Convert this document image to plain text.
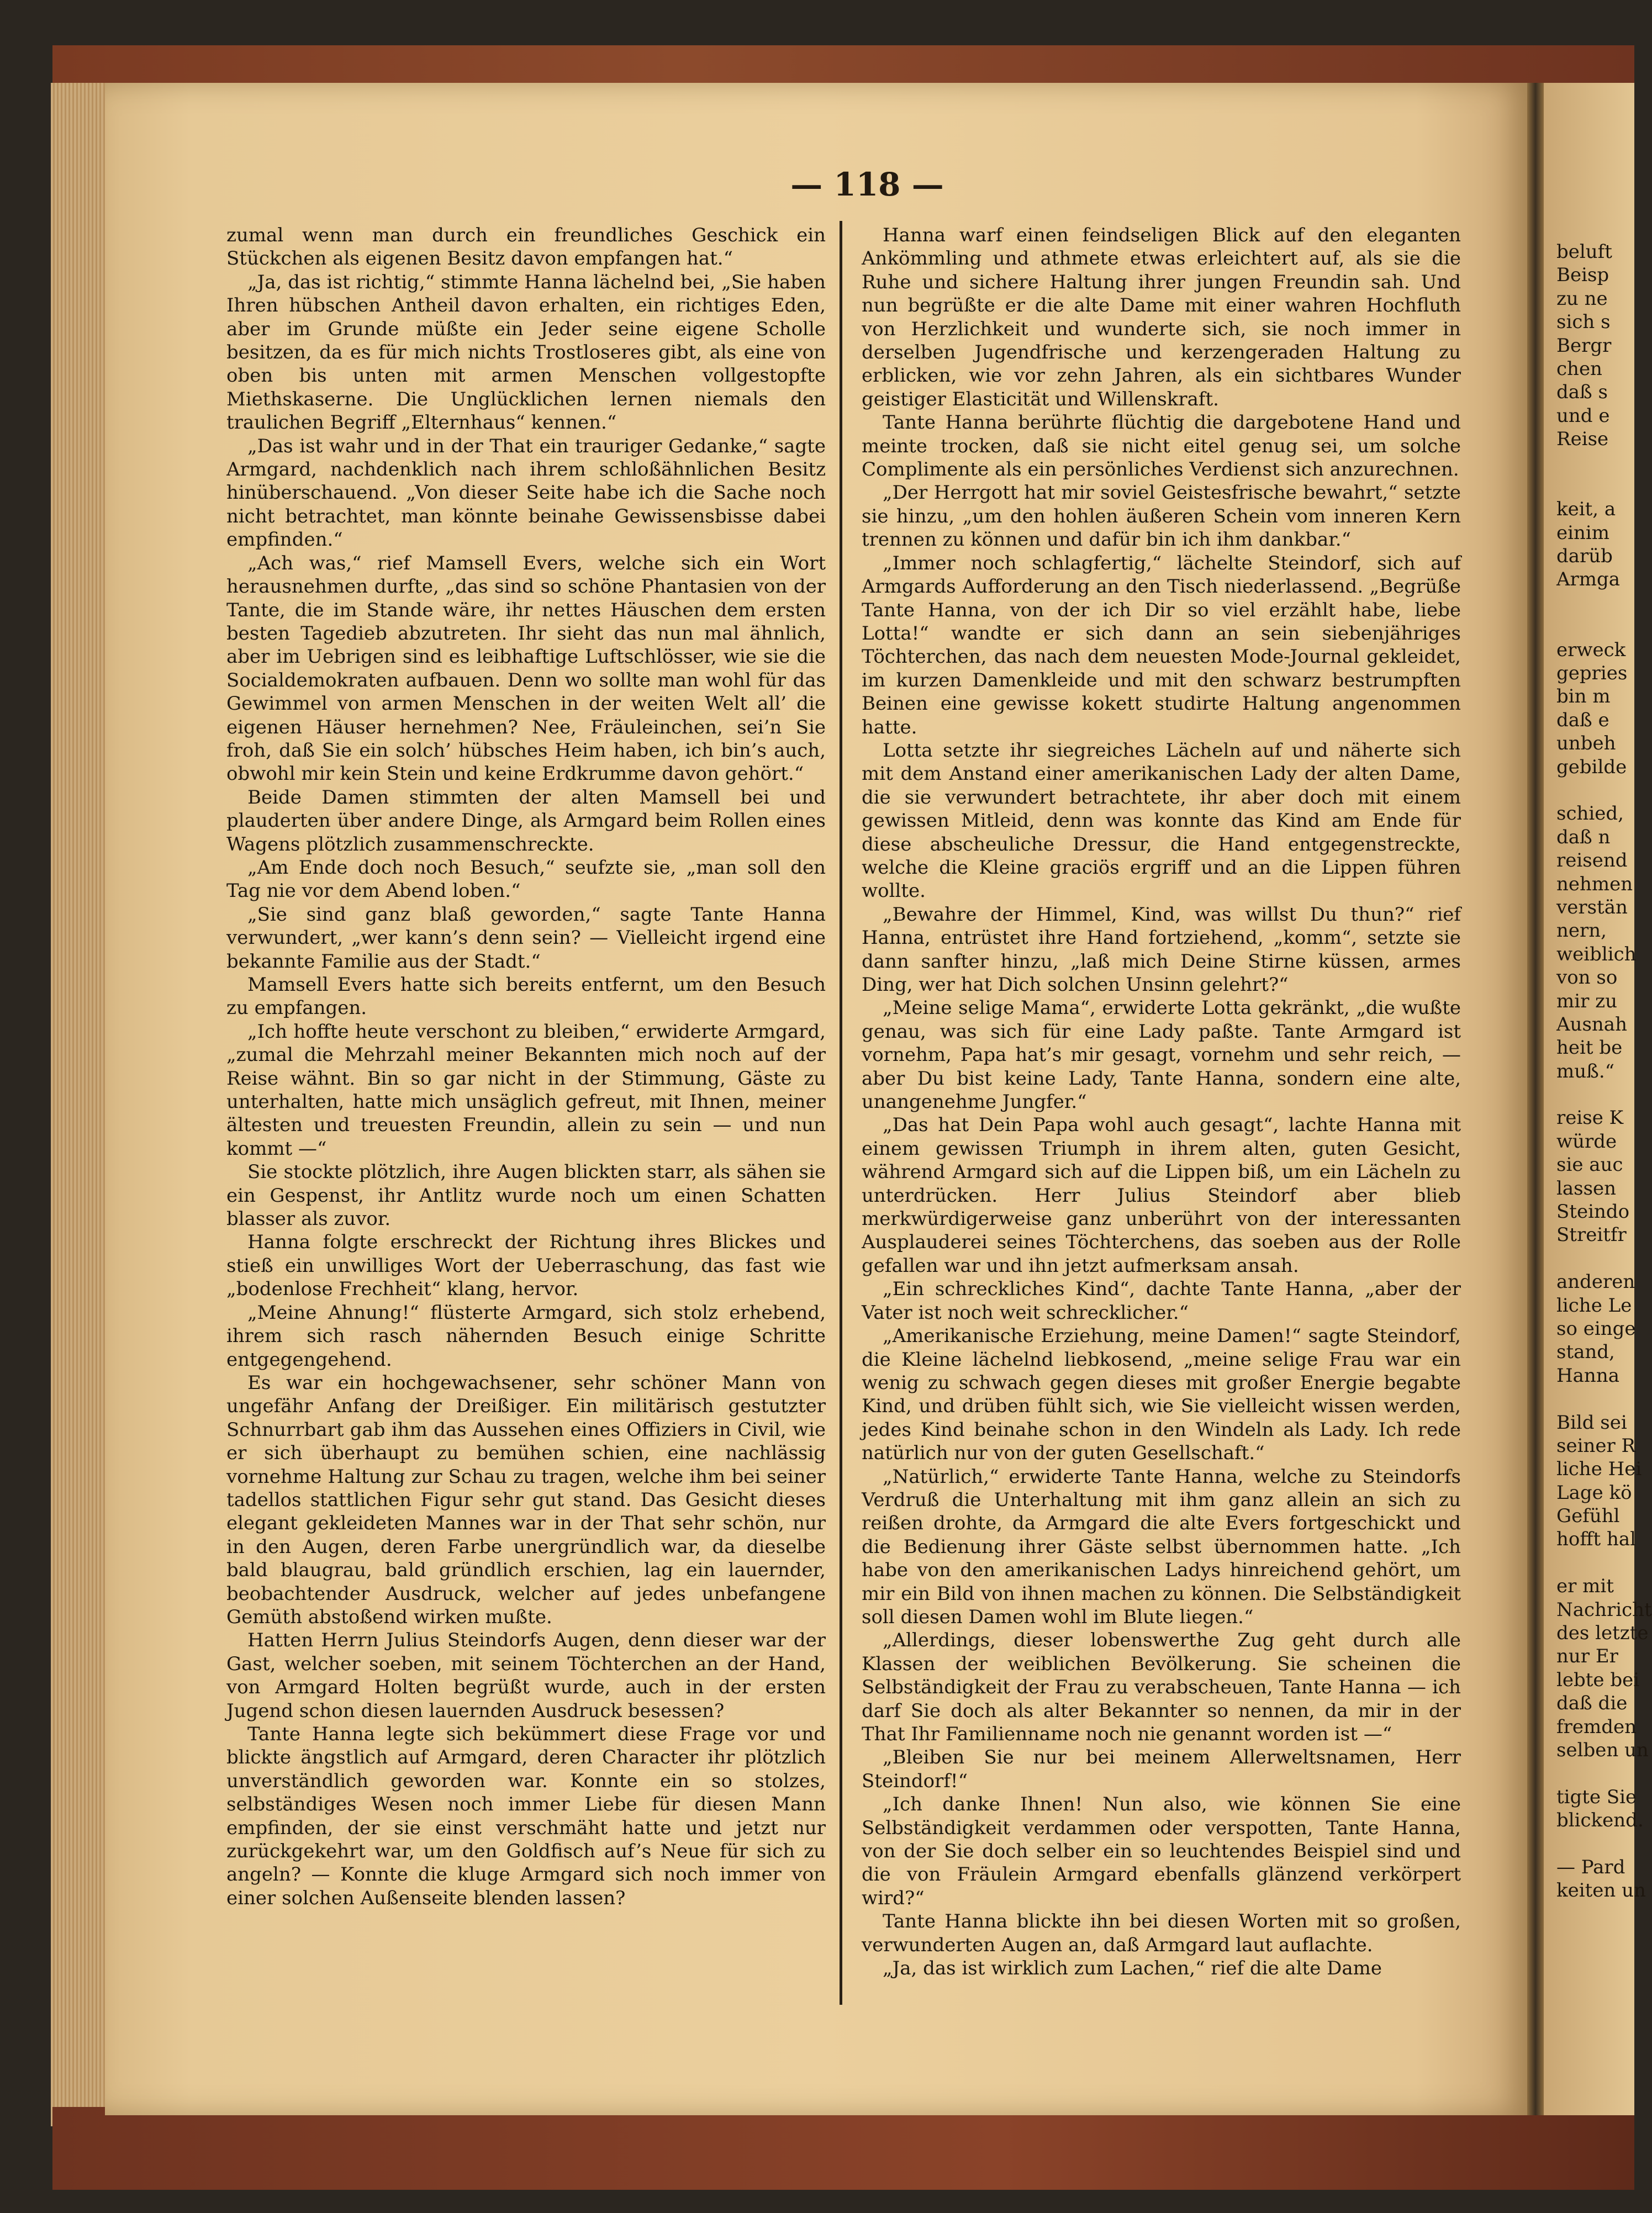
— 118 —

zumal wenn man durch ein freundliches Geschick ein Stückchen als eigenen Besitz davon empfangen hat.“

„Ja, das ist richtig,“ stimmte Hanna lächelnd bei, „Sie haben Ihren hübschen Antheil davon erhalten, ein richtiges Eden, aber im Grunde müßte ein Jeder seine eigene Scholle besitzen, da es für mich nichts Trostloseres gibt, als eine von oben bis unten mit armen Menschen vollgestopfte Miethskaserne. Die Unglücklichen lernen niemals den traulichen Begriff „Elternhaus“ kennen.“

„Das ist wahr und in der That ein trauriger Gedanke,“ sagte Armgard, nachdenklich nach ihrem schloßähnlichen Besitz hinüberschauend. „Von dieser Seite habe ich die Sache noch nicht betrachtet, man könnte beinahe Gewissensbisse dabei empfinden.“

„Ach was,“ rief Mamsell Evers, welche sich ein Wort herausnehmen durfte, „das sind so schöne Phantasien von der Tante, die im Stande wäre, ihr nettes Häuschen dem ersten besten Tagedieb abzutreten. Ihr sieht das nun mal ähnlich, aber im Uebrigen sind es leibhaftige Luftschlösser, wie sie die Socialdemokraten aufbauen. Denn wo sollte man wohl für das Gewimmel von armen Menschen in der weiten Welt all’ die eigenen Häuser hernehmen? Nee, Fräuleinchen, sei’n Sie froh, daß Sie ein solch’ hübsches Heim haben, ich bin’s auch, obwohl mir kein Stein und keine Erdkrumme davon gehört.“

Beide Damen stimmten der alten Mamsell bei und plauderten über andere Dinge, als Armgard beim Rollen eines Wagens plötzlich zusammenschreckte.

„Am Ende doch noch Besuch,“ seufzte sie, „man soll den Tag nie vor dem Abend loben.“

„Sie sind ganz blaß geworden,“ sagte Tante Hanna verwundert, „wer kann’s denn sein? — Vielleicht irgend eine bekannte Familie aus der Stadt.“

Mamsell Evers hatte sich bereits entfernt, um den Besuch zu empfangen.

„Ich hoffte heute verschont zu bleiben,“ erwiderte Armgard, „zumal die Mehrzahl meiner Bekannten mich noch auf der Reise wähnt. Bin so gar nicht in der Stimmung, Gäste zu unterhalten, hatte mich unsäglich gefreut, mit Ihnen, meiner ältesten und treuesten Freundin, allein zu sein — und nun kommt —“

Sie stockte plötzlich, ihre Augen blickten starr, als sähen sie ein Gespenst, ihr Antlitz wurde noch um einen Schatten blasser als zuvor.

Hanna folgte erschreckt der Richtung ihres Blickes und stieß ein unwilliges Wort der Ueberraschung, das fast wie „bodenlose Frechheit“ klang, hervor.

„Meine Ahnung!“ flüsterte Armgard, sich stolz erhebend, ihrem sich rasch nähernden Besuch einige Schritte entgegengehend.

Es war ein hochgewachsener, sehr schöner Mann von ungefähr Anfang der Dreißiger. Ein militärisch gestutzter Schnurrbart gab ihm das Aussehen eines Offiziers in Civil, wie er sich überhaupt zu bemühen schien, eine nachlässig vornehme Haltung zur Schau zu tragen, welche ihm bei seiner tadellos stattlichen Figur sehr gut stand. Das Gesicht dieses elegant gekleideten Mannes war in der That sehr schön, nur in den Augen, deren Farbe unergründlich war, da dieselbe bald blaugrau, bald gründlich erschien, lag ein lauernder, beobachtender Ausdruck, welcher auf jedes unbefangene Gemüth abstoßend wirken mußte.

Hatten Herrn Julius Steindorfs Augen, denn dieser war der Gast, welcher soeben, mit seinem Töchterchen an der Hand, von Armgard Holten begrüßt wurde, auch in der ersten Jugend schon diesen lauernden Ausdruck besessen?

Tante Hanna legte sich bekümmert diese Frage vor und blickte ängstlich auf Armgard, deren Character ihr plötzlich unverständlich geworden war. Konnte ein so stolzes, selbständiges Wesen noch immer Liebe für diesen Mann empfinden, der sie einst verschmäht hatte und jetzt nur zurückgekehrt war, um den Goldfisch auf’s Neue für sich zu angeln? — Konnte die kluge Armgard sich noch immer von einer solchen Außenseite blenden lassen?

Hanna warf einen feindseligen Blick auf den eleganten Ankömmling und athmete etwas erleichtert auf, als sie die Ruhe und sichere Haltung ihrer jungen Freundin sah. Und nun begrüßte er die alte Dame mit einer wahren Hochfluth von Herzlichkeit und wunderte sich, sie noch immer in derselben Jugendfrische und kerzengeraden Haltung zu erblicken, wie vor zehn Jahren, als ein sichtbares Wunder geistiger Elasticität und Willenskraft.

Tante Hanna berührte flüchtig die dargebotene Hand und meinte trocken, daß sie nicht eitel genug sei, um solche Complimente als ein persönliches Verdienst sich anzurechnen.

„Der Herrgott hat mir soviel Geistesfrische bewahrt,“ setzte sie hinzu, „um den hohlen äußeren Schein vom inneren Kern trennen zu können und dafür bin ich ihm dankbar.“

„Immer noch schlagfertig,“ lächelte Steindorf, sich auf Armgards Aufforderung an den Tisch niederlassend. „Begrüße Tante Hanna, von der ich Dir so viel erzählt habe, liebe Lotta!“ wandte er sich dann an sein siebenjähriges Töchterchen, das nach dem neuesten Mode-Journal gekleidet, im kurzen Damenkleide und mit den schwarz bestrumpften Beinen eine gewisse kokett studirte Haltung angenommen hatte.

Lotta setzte ihr siegreiches Lächeln auf und näherte sich mit dem Anstand einer amerikanischen Lady der alten Dame, die sie verwundert betrachtete, ihr aber doch mit einem gewissen Mitleid, denn was konnte das Kind am Ende für diese abscheuliche Dressur, die Hand entgegenstreckte, welche die Kleine graciös ergriff und an die Lippen führen wollte.

„Bewahre der Himmel, Kind, was willst Du thun?“ rief Hanna, entrüstet ihre Hand fortziehend, „komm“, setzte sie dann sanfter hinzu, „laß mich Deine Stirne küssen, armes Ding, wer hat Dich solchen Unsinn gelehrt?“

„Meine selige Mama“, erwiderte Lotta gekränkt, „die wußte genau, was sich für eine Lady paßte. Tante Armgard ist vornehm, Papa hat’s mir gesagt, vornehm und sehr reich, — aber Du bist keine Lady, Tante Hanna, sondern eine alte, unangenehme Jungfer.“

„Das hat Dein Papa wohl auch gesagt“, lachte Hanna mit einem gewissen Triumph in ihrem alten, guten Gesicht, während Armgard sich auf die Lippen biß, um ein Lächeln zu unterdrücken. Herr Julius Steindorf aber blieb merkwürdigerweise ganz unberührt von der interessanten Ausplauderei seines Töchterchens, das soeben aus der Rolle gefallen war und ihn jetzt aufmerksam ansah.

„Ein schreckliches Kind“, dachte Tante Hanna, „aber der Vater ist noch weit schrecklicher.“

„Amerikanische Erziehung, meine Damen!“ sagte Steindorf, die Kleine lächelnd liebkosend, „meine selige Frau war ein wenig zu schwach gegen dieses mit großer Energie begabte Kind, und drüben fühlt sich, wie Sie vielleicht wissen werden, jedes Kind beinahe schon in den Windeln als Lady. Ich rede natürlich nur von der guten Gesellschaft.“

„Natürlich,“ erwiderte Tante Hanna, welche zu Steindorfs Verdruß die Unterhaltung mit ihm ganz allein an sich zu reißen drohte, da Armgard die alte Evers fortgeschickt und die Bedienung ihrer Gäste selbst übernommen hatte. „Ich habe von den amerikanischen Ladys hinreichend gehört, um mir ein Bild von ihnen machen zu können. Die Selbständigkeit soll diesen Damen wohl im Blute liegen.“

„Allerdings, dieser lobenswerthe Zug geht durch alle Klassen der weiblichen Bevölkerung. Sie scheinen die Selbständigkeit der Frau zu verabscheuen, Tante Hanna — ich darf Sie doch als alter Bekannter so nennen, da mir in der That Ihr Familienname noch nie genannt worden ist —“

„Bleiben Sie nur bei meinem Allerweltsnamen, Herr Steindorf!“

„Ich danke Ihnen! Nun also, wie können Sie eine Selbständigkeit verdammen oder verspotten, Tante Hanna, von der Sie doch selber ein so leuchtendes Beispiel sind und die von Fräulein Armgard ebenfalls glänzend verkörpert wird?“

Tante Hanna blickte ihn bei diesen Worten mit so großen, verwunderten Augen an, daß Armgard laut auflachte.

„Ja, das ist wirklich zum Lachen,“ rief die alte Dame

beluft
Beisp
zu ne
sich s
Bergr
chen
daß s
und e
Reise
keit, a
einim
darüb
Armga
erweck
gepries
bin m
daß e
unbeh
gebilde
schied,
daß n
reisend
nehmen
verstän
nern,
weiblich
von so
mir zu
Ausnah
heit be
muß.“
reise K
würde
sie auc
lassen
Steindo
Streitfr
anderen
liche Le
so einge
stand,
Hanna
Bild sei
seiner R
liche Hei
Lage kö
Gefühl
hofft hal
er mit
Nachricht
des letzte
nur Er
lebte bei
daß die
fremden
selben un
tigte Sie
blickend.
— Pard
keiten un
